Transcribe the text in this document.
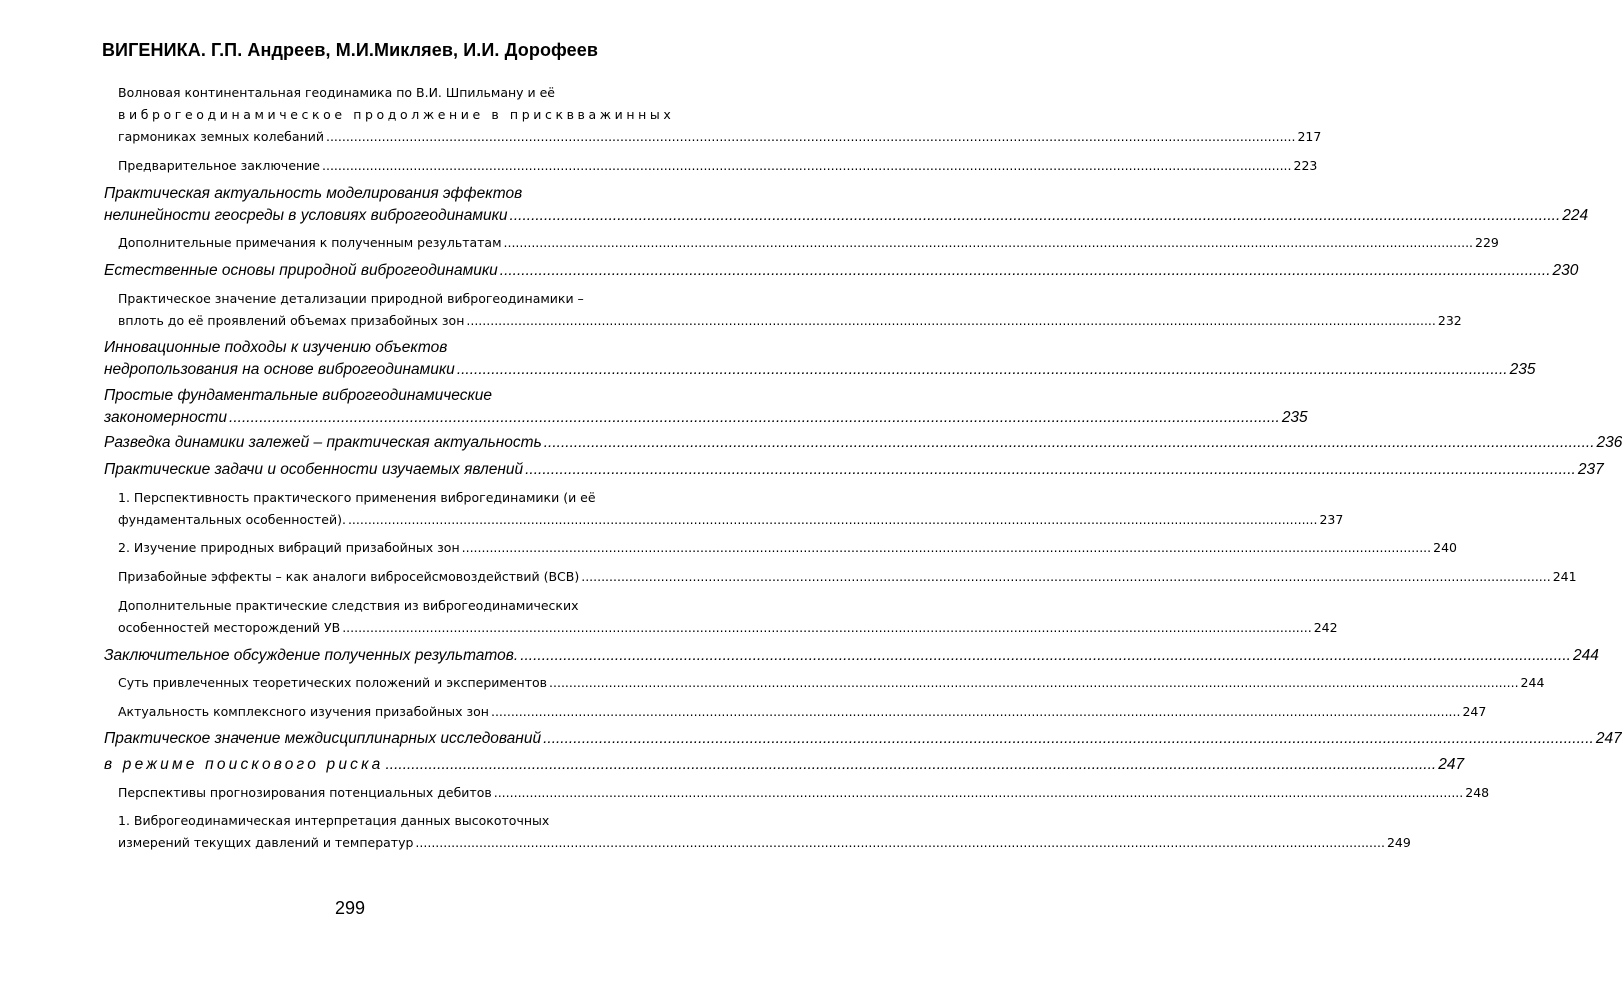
ВИГЕНИКА. Г.П. Андреев, М.И.Микляев, И.И. Дорофеев
Волновая континентальная геодинамика по В.И. Шпильману и её
виброгеодинамическое продолжение в присквважинных
гармониках земных колебаний .....	217
Предварительное заключение .....	223
Практическая актуальность моделирования эффектов
нелинейности геосреды в условиях виброгеодинамики .....	224
Дополнительные примечания к полученным результатам .....	229
Естественные основы природной виброгеодинамики .....	230
Практическое значение детализации природной виброгеодинамики –
вплоть до её проявлений объемах призабойных зон .....	232
Инновационные подходы к изучению объектов
недропользования на основе виброгеодинамики .....	235
Простые фундаментальные виброгеодинамические
закономерности .....	235
Разведка динамики залежей – практическая актуальность .....	236
Практические задачи и особенности изучаемых явлений .....	237
1. Перспективность практического применения виброгединамики (и её
фундаментальных особенностей). .....	237
2. Изучение природных вибраций призабойных зон .....	240
Призабойные эффекты – как аналоги вибросейсмовоздействий (ВСВ) .....	241
Дополнительные практические следствия из виброгеодинамических
особенностей месторождений УВ .....	242
Заключительное обсуждение полученных результатов. .....	244
Суть привлеченных теоретических положений и экспериментов .....	244
Актуальность комплексного изучения призабойных зон .....	247
Практическое значение междисциплинарных исследований .....	247
в режиме поискового риска .....	247
Перспективы прогнозирования потенциальных дебитов .....	248
1. Виброгеодинамическая интерпретация данных высокоточных
измерений текущих давлений и температур .....	249
299
